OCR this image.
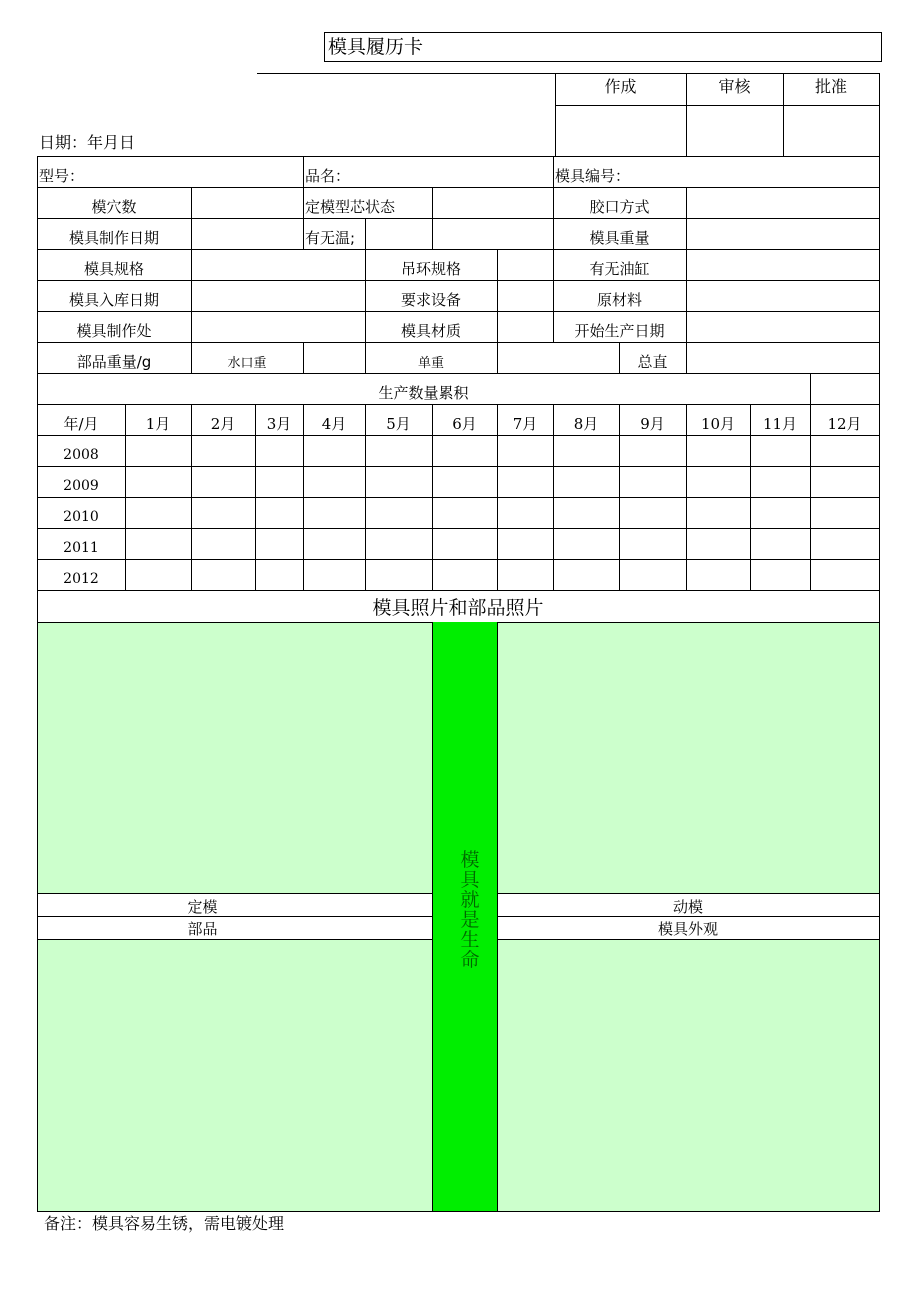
模具履历卡
作成	审核	批准
日期：年月日
型号：	品名：	模具编号：
模穴数	定模型芯状态	胶口方式
模具制作日期	有无温;	模具重量
模具规格	吊环规格	有无油缸
模具入库日期	要求设备	原材料
模具制作处	模具材质	开始生产日期
部品重量/g	水口重	单重	总直
生产数量累积
年/月	1月	2月	3月	4月	5月	6月	7月	8月	9月	10月	11月	12月
2008
2009
2010
2011
2012
模具照片和部品照片
定模
部品
动模
模具外观
模具就是生命
备注：模具容易生锈，需电镀处理
